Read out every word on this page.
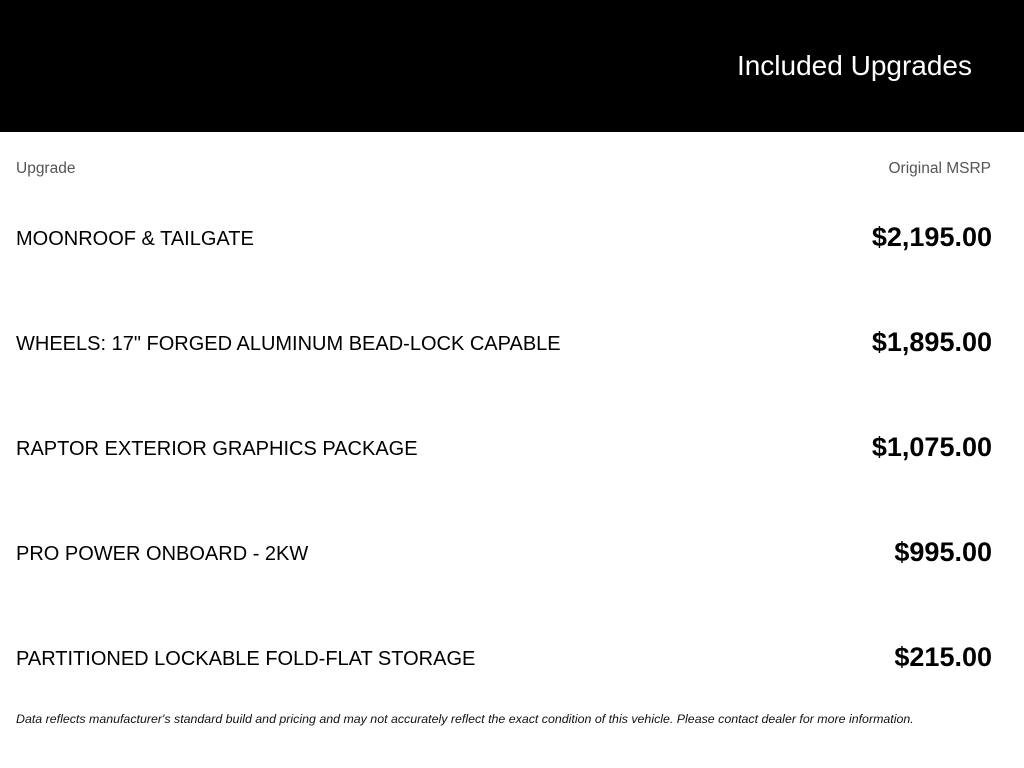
Included Upgrades
Upgrade	Original MSRP
MOONROOF & TAILGATE	$2,195.00
WHEELS: 17" FORGED ALUMINUM BEAD-LOCK CAPABLE	$1,895.00
RAPTOR EXTERIOR GRAPHICS PACKAGE	$1,075.00
PRO POWER ONBOARD - 2KW	$995.00
PARTITIONED LOCKABLE FOLD-FLAT STORAGE	$215.00
Data reflects manufacturer's standard build and pricing and may not accurately reflect the exact condition of this vehicle. Please contact dealer for more information.
